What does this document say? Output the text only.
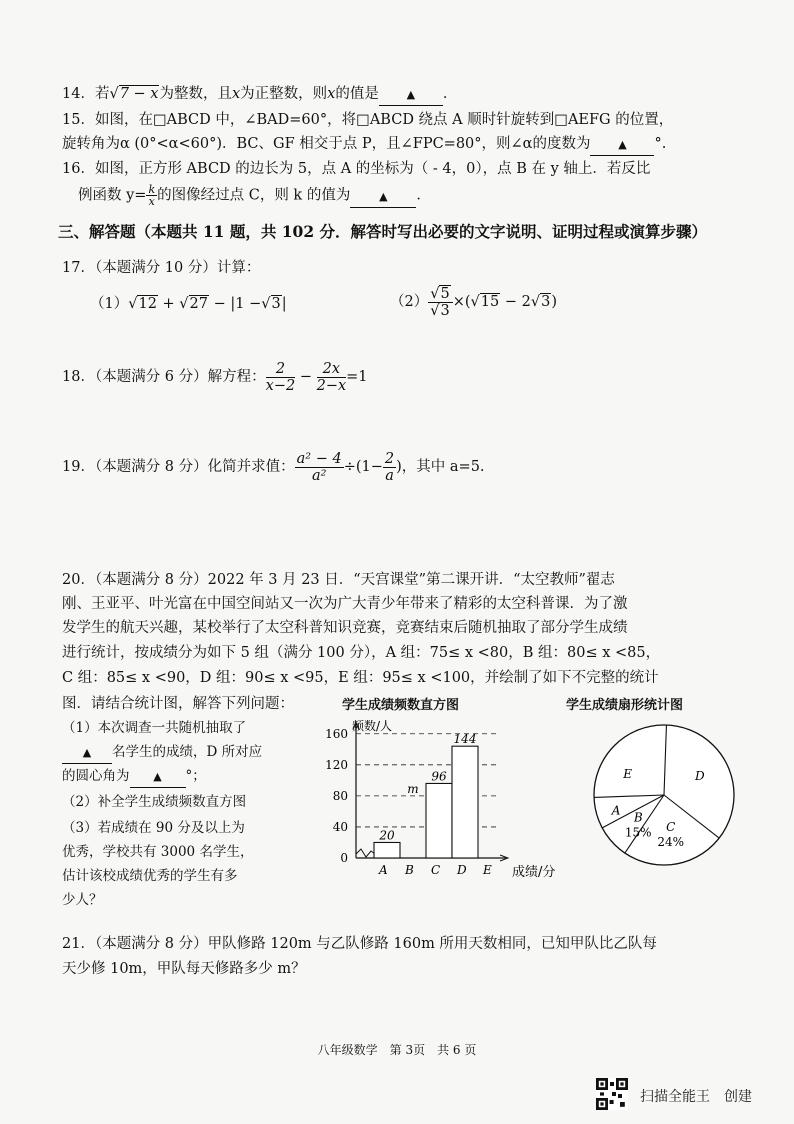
14．若√7 − x为整数，且x为正整数，则x的值是	▲ ．
15．如图，在□ABCD 中，∠BAD=60°，将□ABCD 绕点 A 顺时针旋转到□AEFG 的位置，
旋转角为α (0°<α<60°)．BC、GF 相交于点 P，且∠FPC=80°，则∠α的度数为	▲ °.
16．如图，正方形 ABCD 的边长为 5，点 A 的坐标为（ - 4，0），点 B 在 y 轴上．若反比
例函数 $y= \frac{k}{x}$ 的图像经过点 C，则 k 的值为	▲ ．
三、解答题（本题共 11 题，共 102 分．解答时写出必要的文字说明、证明过程或演算步骤）
17．（本题满分 10 分）计算：
（1）√12 + √27 − |1 −√3|	$(2) \frac{√5}{√3} \times(√15 - 2√3)$
18．（本题满分 6 分）解方程： $\frac{2}{x-2} - \frac{2x}{2-x} =1$
19．（本题满分 8 分）化简并求值： $\frac{\text{a² − 4}}{\text{a²}} \div(1- \frac{2}{a}$ )，其中 a=5.
20．（本题满分 8 分）2022 年 3 月 23 日．“天宫课堂”第二课开讲．“太空教师”翟志
刚、王亚平、叶光富在中国空间站又一次为广大青少年带来了精彩的太空科普课．为了激
发学生的航天兴趣，某校举行了太空科普知识竞赛，竞赛结束后随机抽取了部分学生成绩
进行统计，按成绩分为如下 5 组（满分 100 分），A 组：75≤ x <80，B 组：80≤ x <85，
C 组：85≤ x <90，D 组：90≤ x <95，E 组：95≤ x <100，并绘制了如下不完整的统计
图．请结合统计图，解答下列问题：
（1）本次调查一共随机抽取了
▲ 名学生的成绩，D 所对应
的圆心角为 ▲ °；
（2）补全学生成绩频数直方图
（3）若成绩在 90 分及以上为
优秀，学校共有 3000 名学生，
估计该校成绩优秀的学生有多
少人？
学生成绩频数直方图
频数/人
0
40
80
120
160
20
A
m
B
96
C
144
D E 成绩/分
学生成绩扇形统计图
E	D
C
24%
B
15%
A
21．（本题满分 8 分）甲队修路 120m 与乙队修路 160m 所用天数相同，已知甲队比乙队每
天少修 10m，甲队每天修路多少 m？
八年级数学　第 3页　共 6 页
扫描全能王　创建
